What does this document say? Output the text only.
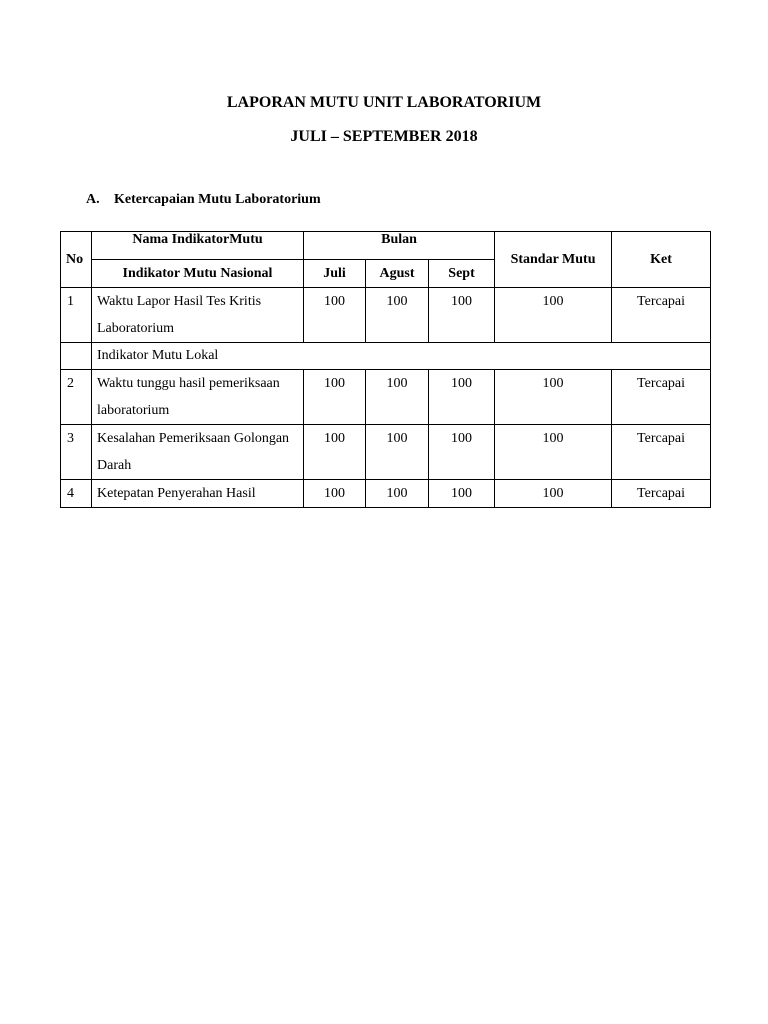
LAPORAN MUTU UNIT LABORATORIUM
JULI – SEPTEMBER 2018

A. Ketercapaian Mutu Laboratorium

No	Nama IndikatorMutu	Bulan			Standar Mutu	Ket
	Indikator Mutu Nasional	Juli	Agust	Sept		
1	Waktu Lapor Hasil Tes Kritis Laboratorium	100	100	100	100	Tercapai
	Indikator Mutu Lokal					
2	Waktu tunggu hasil pemeriksaan laboratorium	100	100	100	100	Tercapai
3	Kesalahan Pemeriksaan Golongan Darah	100	100	100	100	Tercapai
4	Ketepatan Penyerahan Hasil	100	100	100	100	Tercapai
